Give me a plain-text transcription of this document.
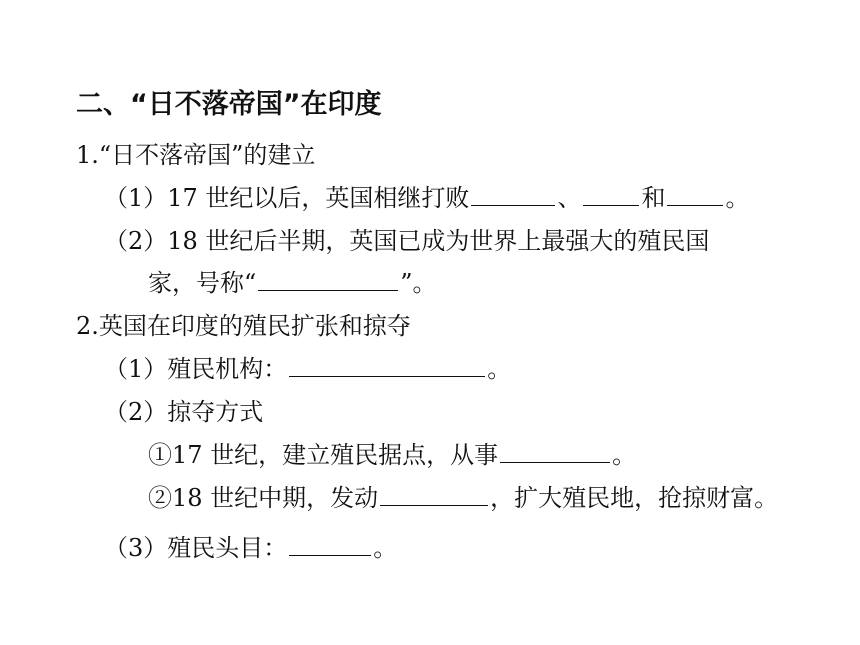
二、“日不落帝国”在印度
1.“日不落帝国”的建立
（1）17 世纪以后，英国相继打败	、	和	。
（2）18 世纪后半期，英国已成为世界上最强大的殖民国
家，号称“	”。
2.英国在印度的殖民扩张和掠夺
（1）殖民机构：	。
（2）掠夺方式
①17 世纪，建立殖民据点，从事	。
②18 世纪中期，发动	，扩大殖民地，抢掠财富。
（3）殖民头目：	。
